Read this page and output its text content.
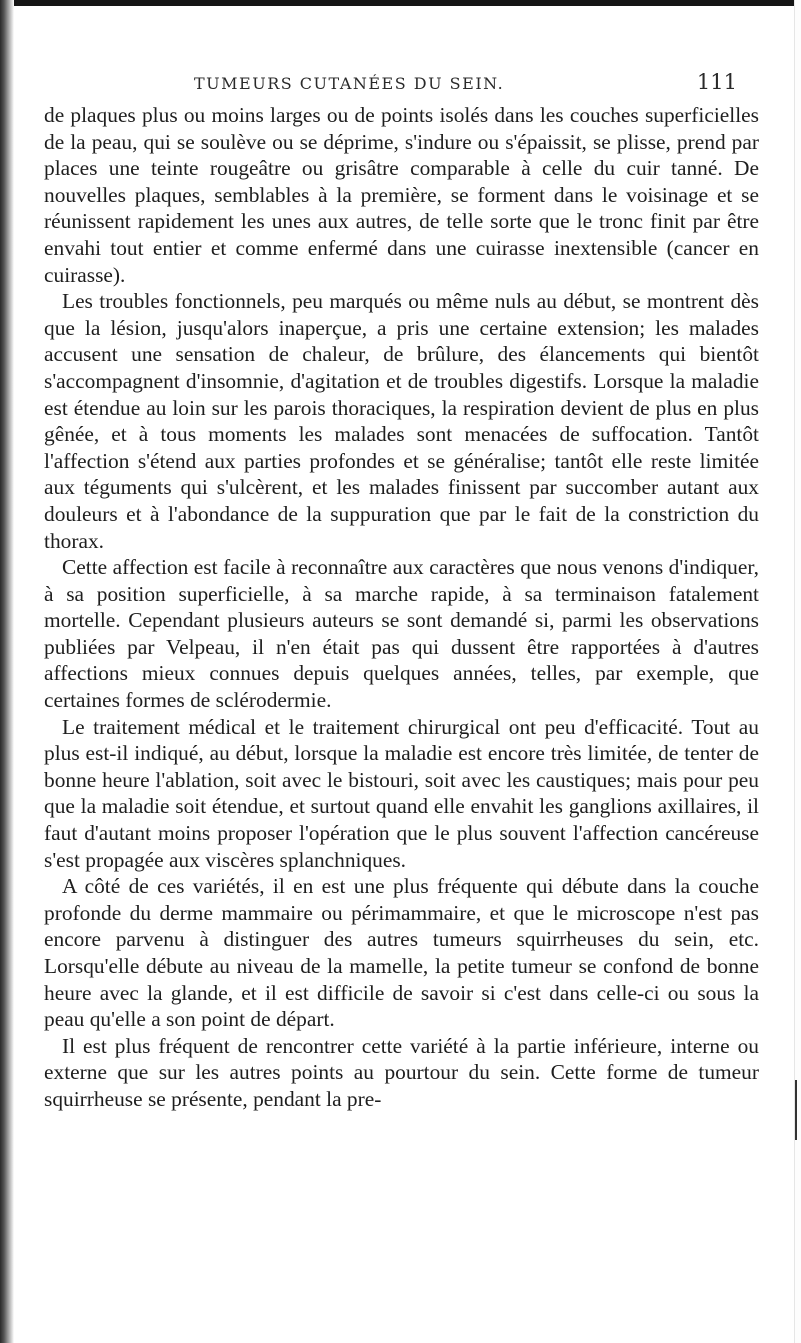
TUMEURS CUTANÉES DU SEIN.	111

de plaques plus ou moins larges ou de points isolés dans les couches superficielles de la peau, qui se soulève ou se déprime, s'indure ou s'épaissit, se plisse, prend par places une teinte rougeâtre ou grisâtre comparable à celle du cuir tanné. De nouvelles plaques, semblables à la première, se forment dans le voisinage et se réunissent rapidement les unes aux autres, de telle sorte que le tronc finit par être envahi tout entier et comme enfermé dans une cuirasse inextensible (cancer en cuirasse).

Les troubles fonctionnels, peu marqués ou même nuls au début, se montrent dès que la lésion, jusqu'alors inaperçue, a pris une certaine extension; les malades accusent une sensation de chaleur, de brûlure, des élancements qui bientôt s'accompagnent d'insomnie, d'agitation et de troubles digestifs. Lorsque la maladie est étendue au loin sur les parois thoraciques, la respiration devient de plus en plus gênée, et à tous moments les malades sont menacées de suffocation. Tantôt l'affection s'étend aux parties profondes et se généralise; tantôt elle reste limitée aux téguments qui s'ulcèrent, et les malades finissent par succomber autant aux douleurs et à l'abondance de la suppuration que par le fait de la constriction du thorax.

Cette affection est facile à reconnaître aux caractères que nous venons d'indiquer, à sa position superficielle, à sa marche rapide, à sa terminaison fatalement mortelle. Cependant plusieurs auteurs se sont demandé si, parmi les observations publiées par Velpeau, il n'en était pas qui dussent être rapportées à d'autres affections mieux connues depuis quelques années, telles, par exemple, que certaines formes de sclérodermie.

Le traitement médical et le traitement chirurgical ont peu d'efficacité. Tout au plus est-il indiqué, au début, lorsque la maladie est encore très limitée, de tenter de bonne heure l'ablation, soit avec le bistouri, soit avec les caustiques; mais pour peu que la maladie soit étendue, et surtout quand elle envahit les ganglions axillaires, il faut d'autant moins proposer l'opération que le plus souvent l'affection cancéreuse s'est propagée aux viscères splanchniques.

A côté de ces variétés, il en est une plus fréquente qui débute dans la couche profonde du derme mammaire ou périmammaire, et que le microscope n'est pas encore parvenu à distinguer des autres tumeurs squirrheuses du sein, etc. Lorsqu'elle débute au niveau de la mamelle, la petite tumeur se confond de bonne heure avec la glande, et il est difficile de savoir si c'est dans celle-ci ou sous la peau qu'elle a son point de départ.

Il est plus fréquent de rencontrer cette variété à la partie inférieure, interne ou externe que sur les autres points au pourtour du sein. Cette forme de tumeur squirrheuse se présente, pendant la pre-
